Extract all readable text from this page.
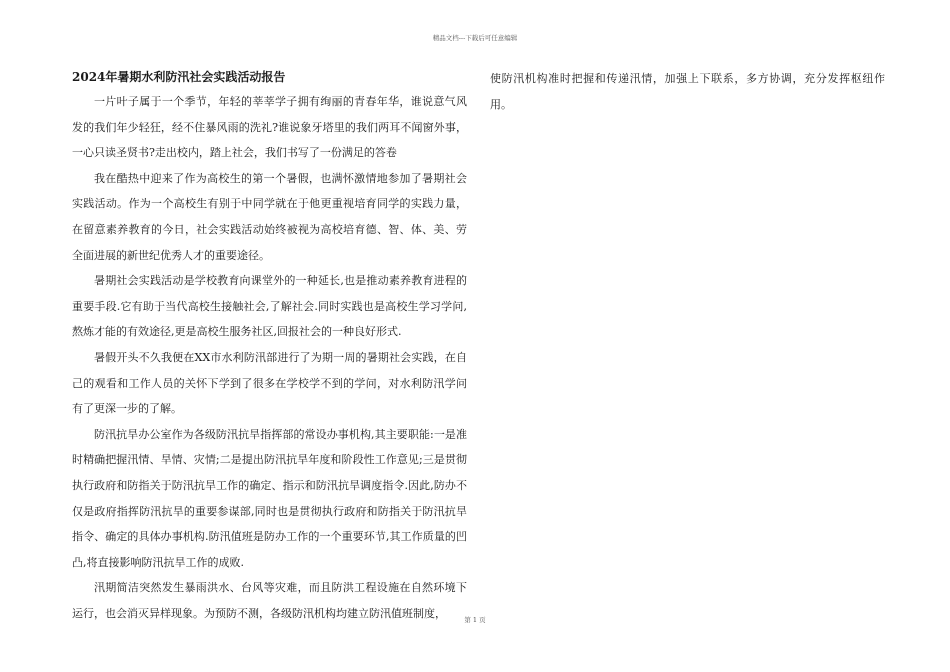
精品文档---下载后可任意编辑
2024年暑期水利防汛社会实践活动报告

一片叶子属于一个季节，年轻的莘莘学子拥有绚丽的青春年华，谁说意气风发的我们年少轻狂，经不住暴风雨的洗礼?谁说象牙塔里的我们两耳不闻窗外事，一心只读圣贤书?走出校内，踏上社会，我们书写了一份满足的答卷

我在酷热中迎来了作为高校生的第一个暑假，也满怀激情地参加了暑期社会实践活动。作为一个高校生有别于中同学就在于他更重视培育同学的实践力量，在留意素养教育的今日，社会实践活动始终被视为高校培育德、智、体、美、劳全面进展的新世纪优秀人才的重要途径。

暑期社会实践活动是学校教育向课堂外的一种延长,也是推动素养教育进程的重要手段.它有助于当代高校生接触社会,了解社会.同时实践也是高校生学习学问,熬炼才能的有效途径,更是高校生服务社区,回报社会的一种良好形式.

暑假开头不久我便在XX市水利防汛部进行了为期一周的暑期社会实践，在自己的观看和工作人员的关怀下学到了很多在学校学不到的学问，对水利防汛学问有了更深一步的了解。

防汛抗旱办公室作为各级防汛抗旱指挥部的常设办事机构,其主要职能:一是准时精确把握汛情、旱情、灾情;二是提出防汛抗旱年度和阶段性工作意见;三是贯彻执行政府和防指关于防汛抗旱工作的确定、指示和防汛抗旱调度指令.因此,防办不仅是政府指挥防汛抗旱的重要参谋部,同时也是贯彻执行政府和防指关于防汛抗旱指令、确定的具体办事机构.防汛值班是防办工作的一个重要环节,其工作质量的凹凸,将直接影响防汛抗旱工作的成败.

汛期简洁突然发生暴雨洪水、台风等灾难，而且防洪工程设施在自然环境下运行，也会消灭异样现象。为预防不测，各级防汛机构均建立防汛值班制度，

使防汛机构准时把握和传递汛情，加强上下联系，多方协调，充分发挥枢纽作用。

第 1 页
